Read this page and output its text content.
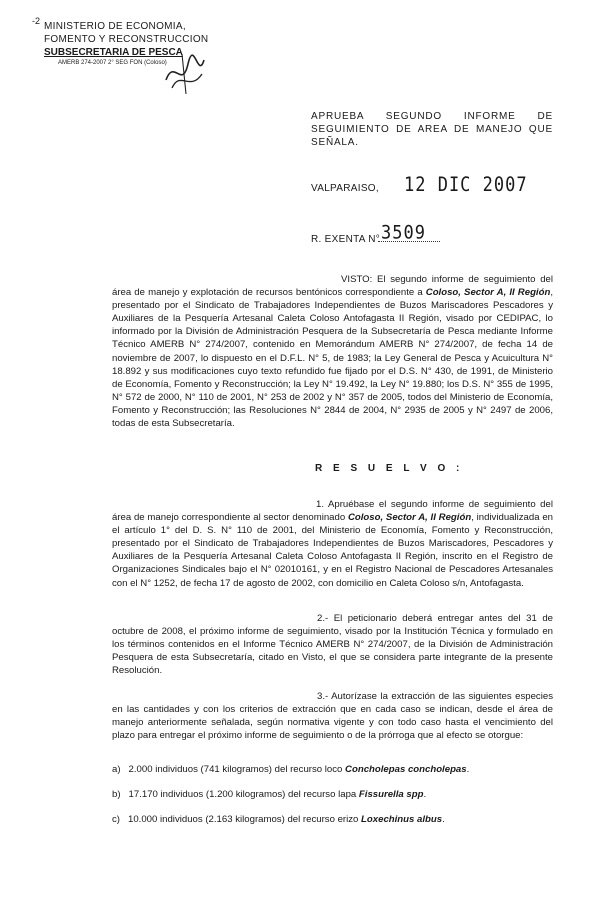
-2 MINISTERIO DE ECONOMIA,
FOMENTO Y RECONSTRUCCION
SUBSECRETARIA DE PESCA
AMERB 274-2007 2° SEG FON (Coloso)
APRUEBA SEGUNDO INFORME DE SEGUIMIENTO DE AREA DE MANEJO QUE SEÑALA.
VALPARAISO, 12 DIC 2007
R. EXENTA N° 3509

VISTO: El segundo informe de seguimiento del área de manejo y explotación de recursos bentónicos correspondiente a Coloso, Sector A, II Región, presentado por el Sindicato de Trabajadores Independientes de Buzos Mariscadores Pescadores y Auxiliares de la Pesquería Artesanal Caleta Coloso Antofagasta II Región, visado por CEDIPAC, lo informado por la División de Administración Pesquera de la Subsecretaría de Pesca mediante Informe Técnico AMERB N° 274/2007, contenido en Memorándum AMERB N° 274/2007, de fecha 14 de noviembre de 2007, lo dispuesto en el D.F.L. N° 5, de 1983; la Ley General de Pesca y Acuicultura N° 18.892 y sus modificaciones cuyo texto refundido fue fijado por el D.S. N° 430, de 1991, de Ministerio de Economía, Fomento y Reconstrucción; la Ley N° 19.492, la Ley N° 19.880; los D.S. N° 355 de 1995, N° 572 de 2000, N° 110 de 2001, N° 253 de 2002 y N° 357 de 2005, todos del Ministerio de Economía, Fomento y Reconstrucción; las Resoluciones N° 2844 de 2004, N° 2935 de 2005 y N° 2497 de 2006, todas de esta Subsecretaría.

R E S U E L V O :

1. Apruébase el segundo informe de seguimiento del área de manejo correspondiente al sector denominado Coloso, Sector A, II Región, individualizada en el artículo 1° del D. S. N° 110 de 2001, del Ministerio de Economía, Fomento y Reconstrucción, presentado por el Sindicato de Trabajadores Independientes de Buzos Mariscadores, Pescadores y Auxiliares de la Pesquería Artesanal Caleta Coloso Antofagasta II Región, inscrito en el Registro de Organizaciones Sindicales bajo el N° 02010161, y en el Registro Nacional de Pescadores Artesanales con el N° 1252, de fecha 17 de agosto de 2002, con domicilio en Caleta Coloso s/n, Antofagasta.

2.- El peticionario deberá entregar antes del 31 de octubre de 2008, el próximo informe de seguimiento, visado por la Institución Técnica y formulado en los términos contenidos en el Informe Técnico AMERB N° 274/2007, de la División de Administración Pesquera de esta Subsecretaría, citado en Visto, el que se considera parte integrante de la presente Resolución.

3.- Autorízase la extracción de las siguientes especies en las cantidades y con los criterios de extracción que en cada caso se indican, desde el área de manejo anteriormente señalada, según normativa vigente y con todo caso hasta el vencimiento del plazo para entregar el próximo informe de seguimiento o de la prórroga que al efecto se otorgue:

a) 2.000 individuos (741 kilogramos) del recurso loco Concholepas concholepas.
b) 17.170 individuos (1.200 kilogramos) del recurso lapa Fissurella spp.
c) 10.000 individuos (2.163 kilogramos) del recurso erizo Loxechinus albus.
